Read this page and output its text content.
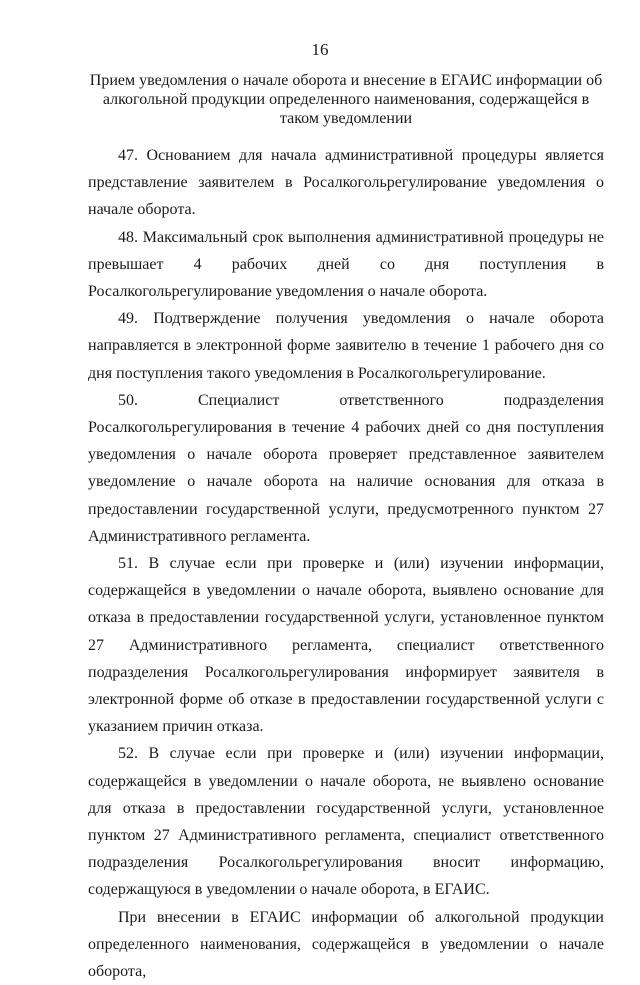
16
Прием уведомления о начале оборота и внесение в ЕГАИС информации об алкогольной продукции определенного наименования, содержащейся в таком уведомлении

47. Основанием для начала административной процедуры является представление заявителем в Росалкогольрегулирование уведомления о начале оборота.

48. Максимальный срок выполнения административной процедуры не превышает 4 рабочих дней со дня поступления в Росалкогольрегулирование уведомления о начале оборота.

49. Подтверждение получения уведомления о начале оборота направляется в электронной форме заявителю в течение 1 рабочего дня со дня поступления такого уведомления в Росалкогольрегулирование.

50. Специалист ответственного подразделения Росалкогольрегулирования в течение 4 рабочих дней со дня поступления уведомления о начале оборота проверяет представленное заявителем уведомление о начале оборота на наличие основания для отказа в предоставлении государственной услуги, предусмотренного пунктом 27 Административного регламента.

51. В случае если при проверке и (или) изучении информации, содержащейся в уведомлении о начале оборота, выявлено основание для отказа в предоставлении государственной услуги, установленное пунктом 27 Административного регламента, специалист ответственного подразделения Росалкогольрегулирования информирует заявителя в электронной форме об отказе в предоставлении государственной услуги с указанием причин отказа.

52. В случае если при проверке и (или) изучении информации, содержащейся в уведомлении о начале оборота, не выявлено основание для отказа в предоставлении государственной услуги, установленное пунктом 27 Административного регламента, специалист ответственного подразделения Росалкогольрегулирования вносит информацию, содержащуюся в уведомлении о начале оборота, в ЕГАИС.

При внесении в ЕГАИС информации об алкогольной продукции определенного наименования, содержащейся в уведомлении о начале оборота,
